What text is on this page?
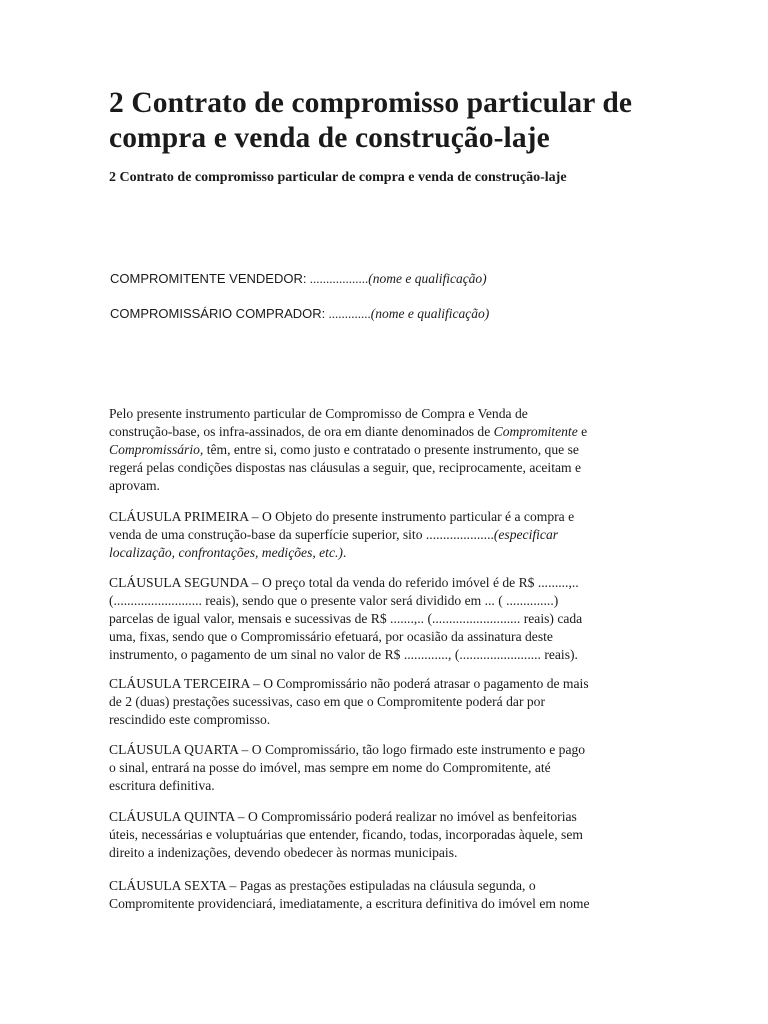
2 Contrato de compromisso particular de
compra e venda de construção-laje

2 Contrato de compromisso particular de compra e venda de construção-laje

COMPROMITENTE VENDEDOR: ..................(nome e qualificação)
COMPROMISSÁRIO COMPRADOR: .............(nome e qualificação)
Pelo presente instrumento particular de Compromisso de Compra e Venda de
construção-base, os infra-assinados, de ora em diante denominados de Compromitente e
Compromissário, têm, entre si, como justo e contratado o presente instrumento, que se
regerá pelas condições dispostas nas cláusulas a seguir, que, reciprocamente, aceitam e
aprovam.
CLÁUSULA PRIMEIRA – O Objeto do presente instrumento particular é a compra e
venda de uma construção-base da superfície superior, sito ....................(especificar
localização, confrontações, medições, etc.).
CLÁUSULA SEGUNDA – O preço total da venda do referido imóvel é de R$ .........,..
(.......................... reais), sendo que o presente valor será dividido em ... ( ..............)
parcelas de igual valor, mensais e sucessivas de R$ .......,.. (.......................... reais) cada
uma, fixas, sendo que o Compromissário efetuará, por ocasião da assinatura deste
instrumento, o pagamento de um sinal no valor de R$ ............., (........................ reais).
CLÁUSULA TERCEIRA – O Compromissário não poderá atrasar o pagamento de mais
de 2 (duas) prestações sucessivas, caso em que o Compromitente poderá dar por
rescindido este compromisso.
CLÁUSULA QUARTA – O Compromissário, tão logo firmado este instrumento e pago
o sinal, entrará na posse do imóvel, mas sempre em nome do Compromitente, até
escritura definitiva.
CLÁUSULA QUINTA – O Compromissário poderá realizar no imóvel as benfeitorias
úteis, necessárias e voluptuárias que entender, ficando, todas, incorporadas àquele, sem
direito a indenizações, devendo obedecer às normas municipais.
CLÁUSULA SEXTA – Pagas as prestações estipuladas na cláusula segunda, o
Compromitente providenciará, imediatamente, a escritura definitiva do imóvel em nome
